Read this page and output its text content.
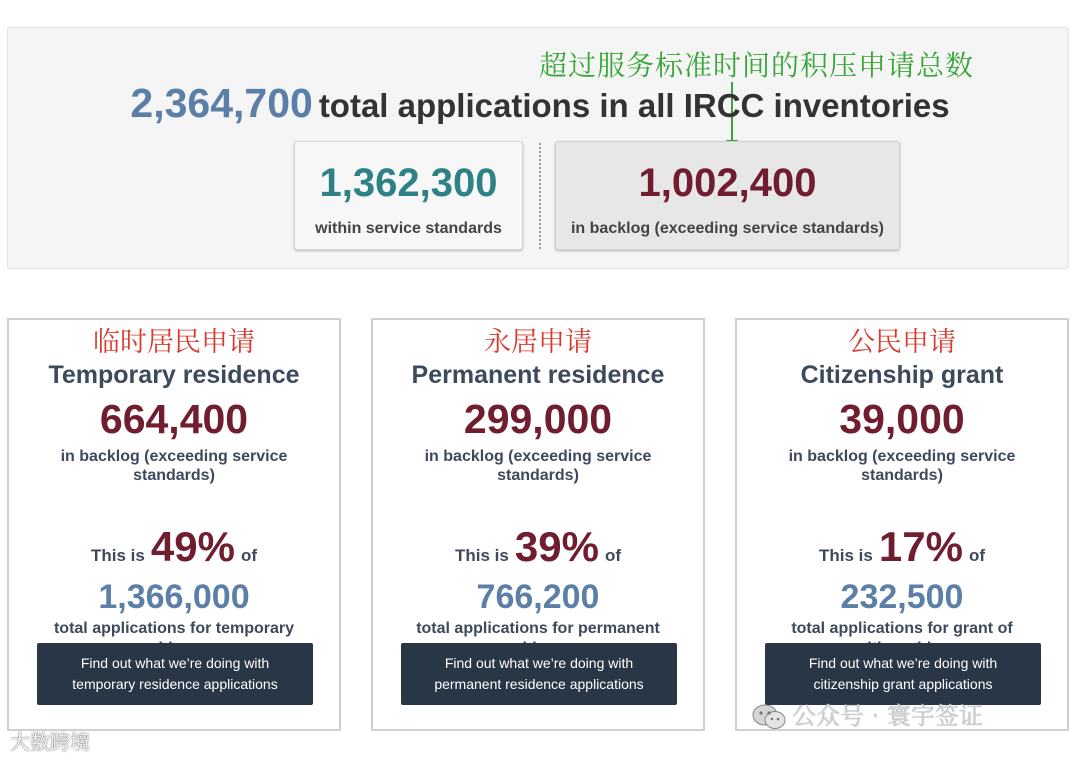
超过服务标准时间的积压申请总数
2,364,700 total applications in all IRCC inventories
1,362,300
within service standards
1,002,400
in backlog (exceeding service standards)
临时居民申请
Temporary residence
664,400
in backlog (exceeding service standards)
This is 49% of
1,366,000
total applications for temporary
Find out what we’re doing with temporary residence applications
永居申请
Permanent residence
299,000
in backlog (exceeding service standards)
This is 39% of
766,200
total applications for permanent
Find out what we’re doing with permanent residence applications
公民申请
Citizenship grant
39,000
in backlog (exceeding service standards)
This is 17% of
232,500
total applications for grant of
Find out what we’re doing with citizenship grant applications
大数跨境
公众号 · 寰宇签证
